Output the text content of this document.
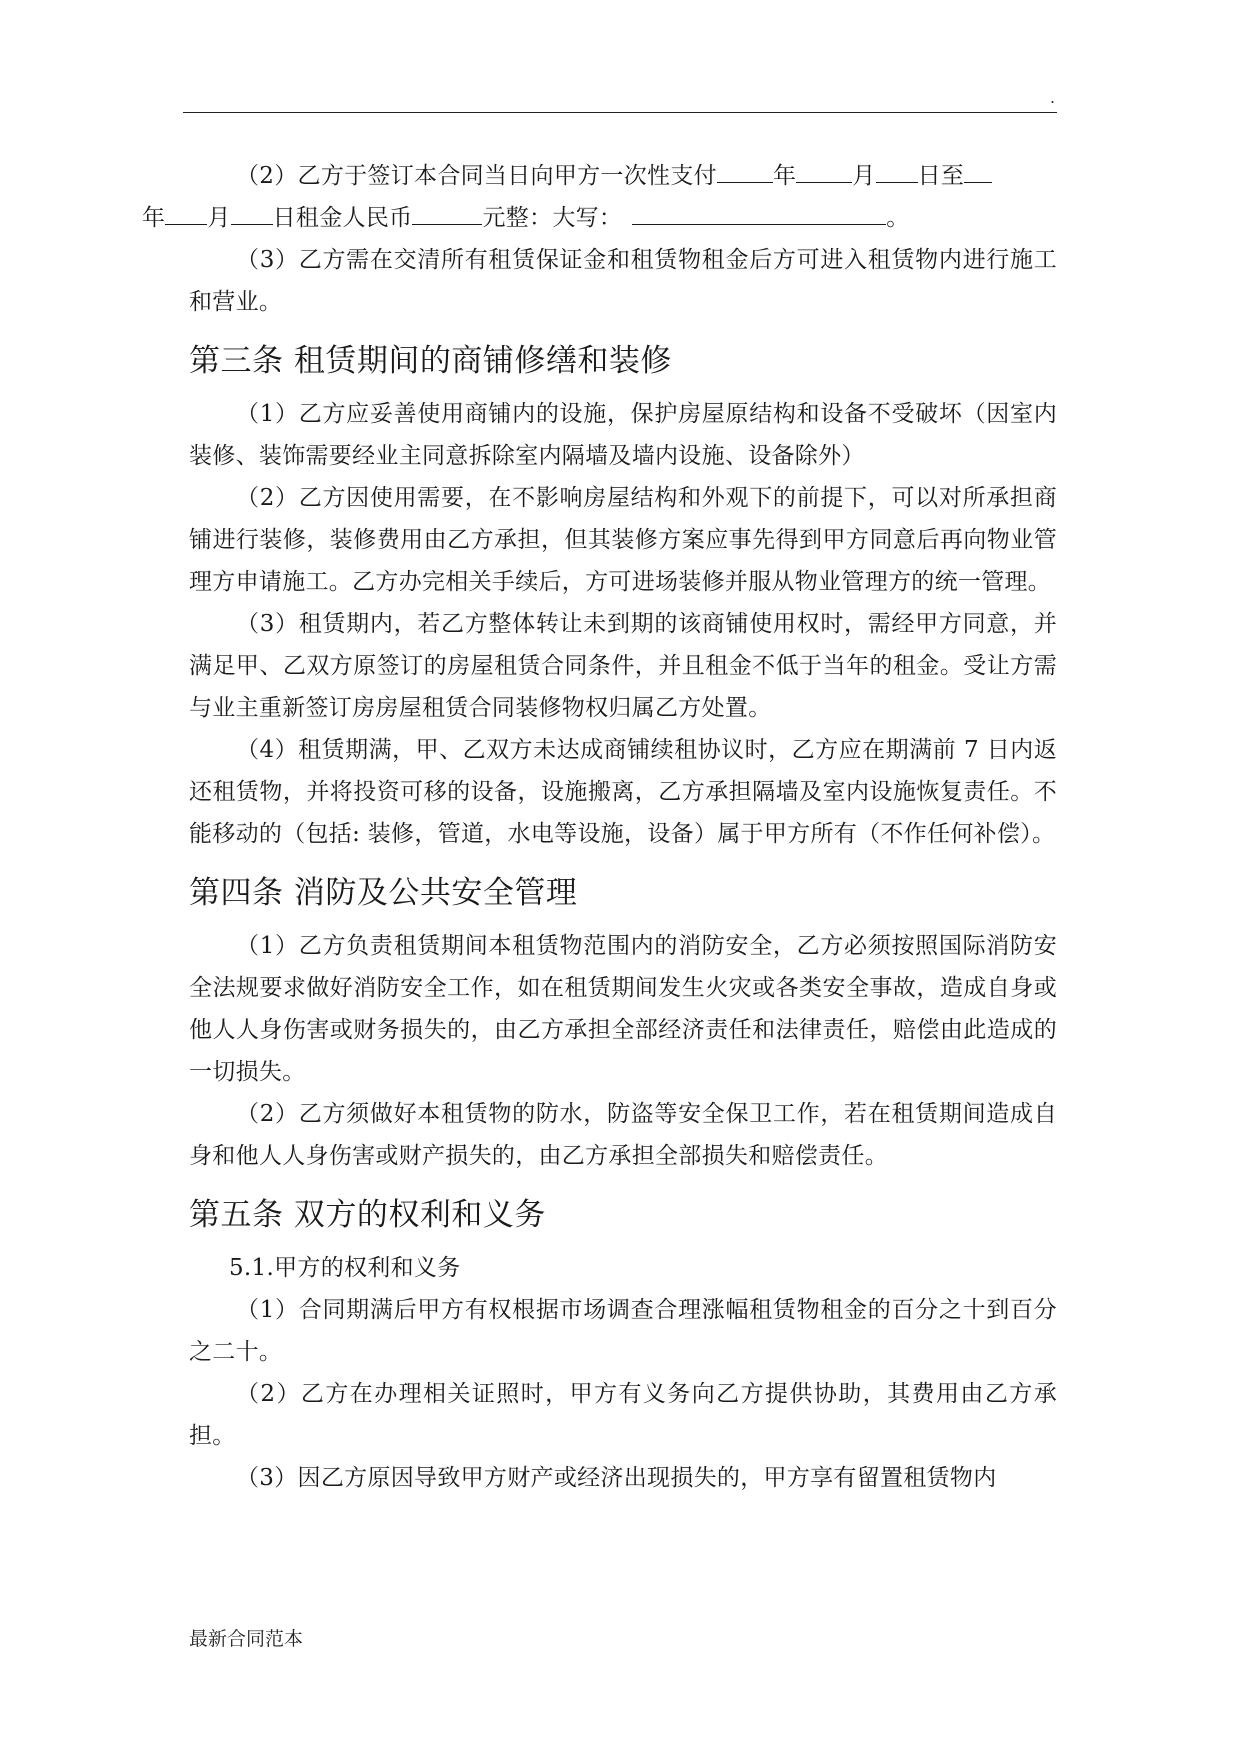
.

（2）乙方于签订本合同当日向甲方一次性支付 年 月 日至
年 月 日租金人民币	元整：大写：	。

（3）乙方需在交清所有租赁保证金和租赁物租金后方可进入租赁物内进行施工和营业。

第三条 租赁期间的商铺修缮和装修

（1）乙方应妥善使用商铺内的设施，保护房屋原结构和设备不受破坏（因室内装修、装饰需要经业主同意拆除室内隔墙及墙内设施、设备除外）

（2）乙方因使用需要，在不影响房屋结构和外观下的前提下，可以对所承担商铺进行装修，装修费用由乙方承担，但其装修方案应事先得到甲方同意后再向物业管理方申请施工。乙方办完相关手续后，方可进场装修并服从物业管理方的统一管理。

（3）租赁期内，若乙方整体转让未到期的该商铺使用权时，需经甲方同意，并满足甲、乙双方原签订的房屋租赁合同条件，并且租金不低于当年的租金。受让方需与业主重新签订房房屋租赁合同装修物权归属乙方处置。

（4）租赁期满，甲、乙双方未达成商铺续租协议时，乙方应在期满前 7 日内返还租赁物，并将投资可移的设备，设施搬离，乙方承担隔墙及室内设施恢复责任。不能移动的（包括: 装修，管道，水电等设施，设备）属于甲方所有（不作任何补偿）。

第四条 消防及公共安全管理

（1）乙方负责租赁期间本租赁物范围内的消防安全，乙方必须按照国际消防安全法规要求做好消防安全工作，如在租赁期间发生火灾或各类安全事故，造成自身或他人人身伤害或财务损失的，由乙方承担全部经济责任和法律责任，赔偿由此造成的一切损失。

（2）乙方须做好本租赁物的防水，防盗等安全保卫工作，若在租赁期间造成自身和他人人身伤害或财产损失的，由乙方承担全部损失和赔偿责任。

第五条 双方的权利和义务

5.1.甲方的权利和义务

（1）合同期满后甲方有权根据市场调查合理涨幅租赁物租金的百分之十到百分之二十。

（2）乙方在办理相关证照时，甲方有义务向乙方提供协助，其费用由乙方承担。

（3）因乙方原因导致甲方财产或经济出现损失的，甲方享有留置租赁物内

最新合同范本
